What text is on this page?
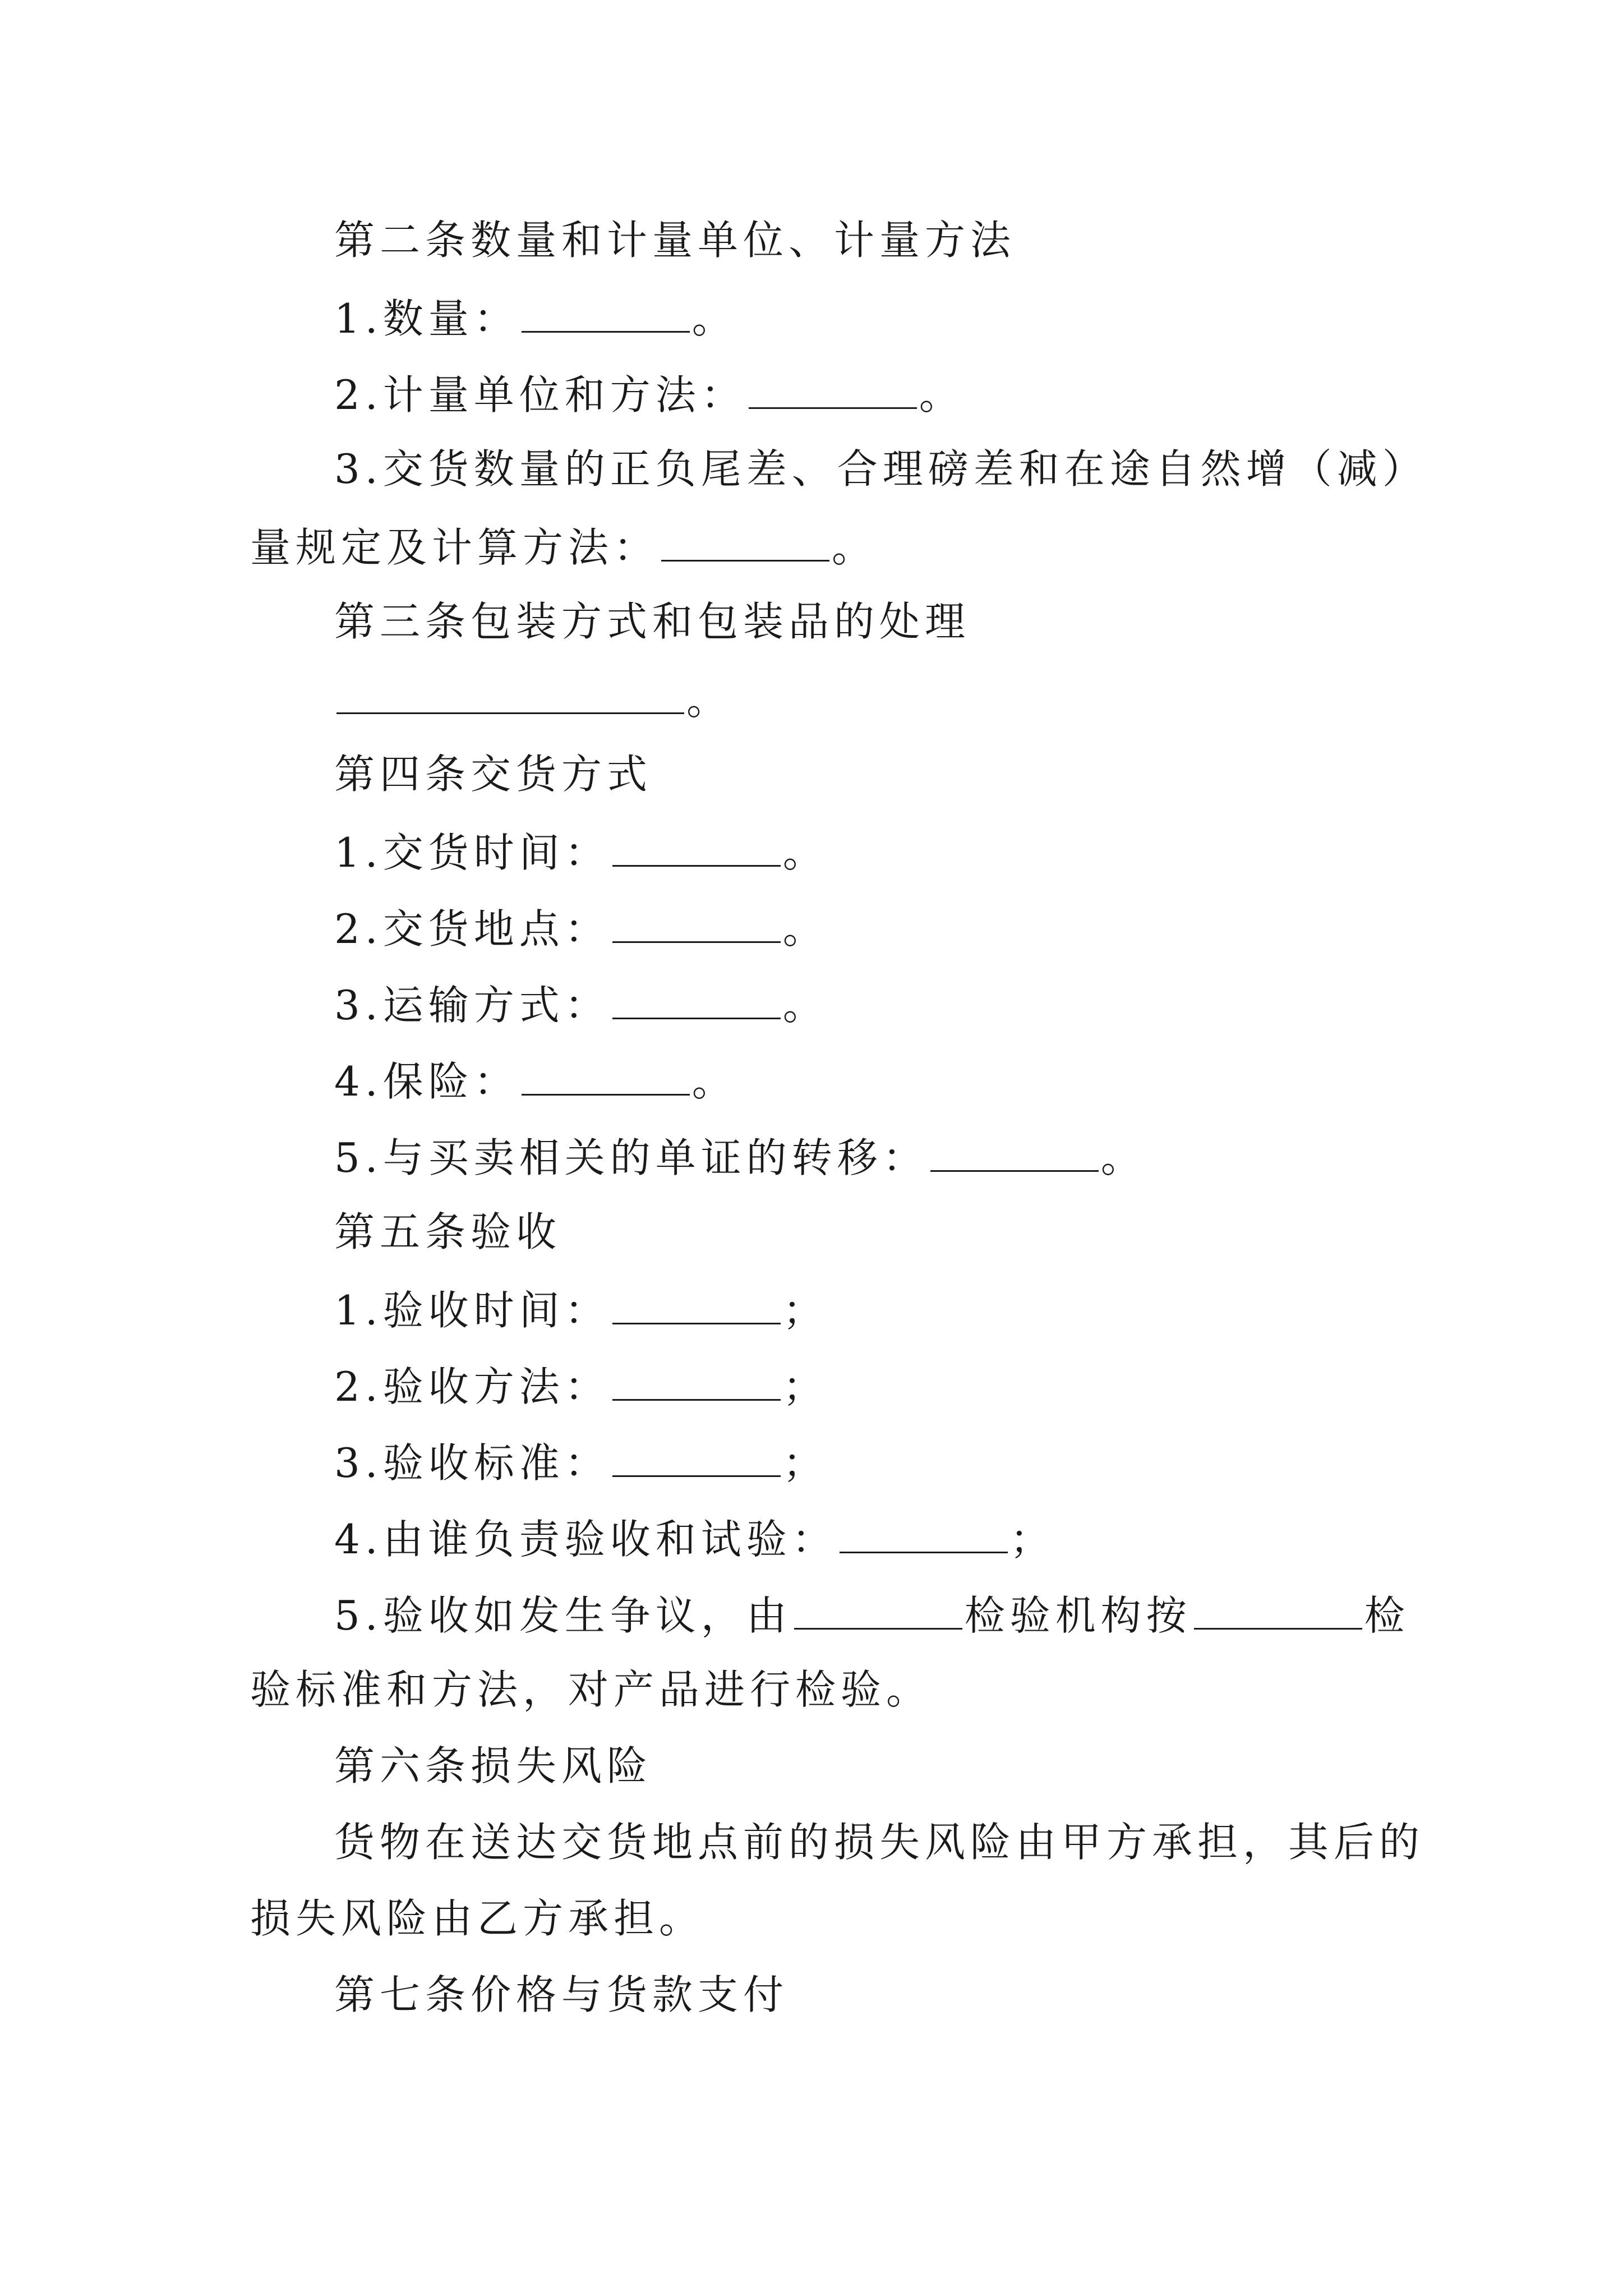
第二条数量和计量单位、计量方法
1.数量：	。
2.计量单位和方法：	。
3.交货数量的正负尾差、合理磅差和在途自然增（减）
量规定及计算方法：	。
第三条包装方式和包装品的处理
。
第四条交货方式
1.交货时间：	。
2.交货地点：	。
3.运输方式：	。
4.保险：	。
5.与买卖相关的单证的转移：	。
第五条验收
1.验收时间：	；
2.验收方法：	；
3.验收标准：	；
4.由谁负责验收和试验：	；
5.验收如发生争议，由	检验机构按	检
验标准和方法，对产品进行检验。
第六条损失风险
货物在送达交货地点前的损失风险由甲方承担，其后的
损失风险由乙方承担。
第七条价格与货款支付
